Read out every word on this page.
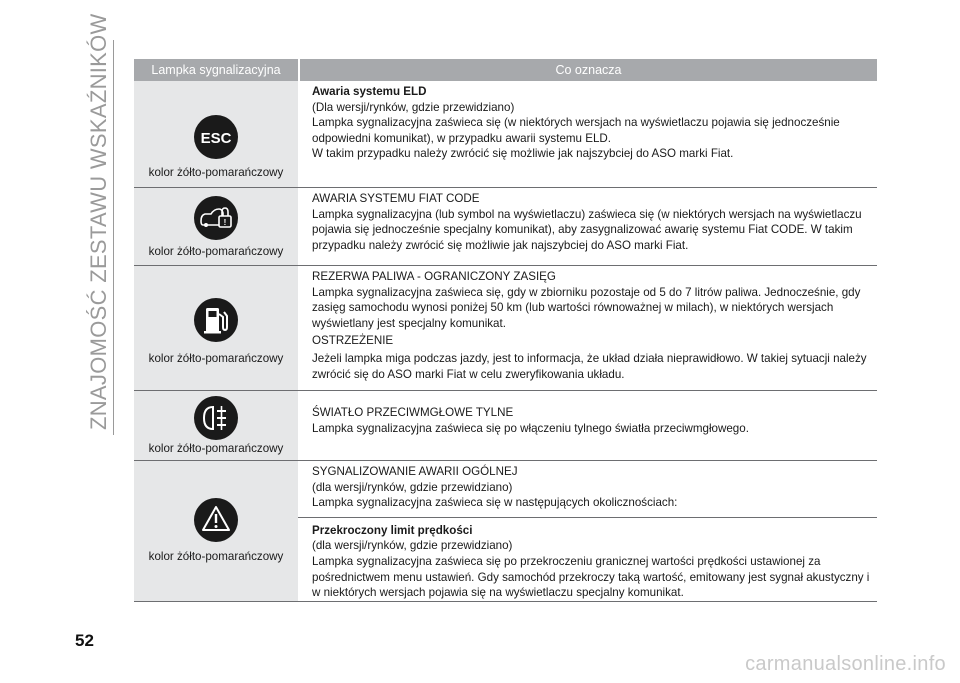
ZNAJOMOŚĆ ZESTAWU WSKAŹNIKÓW	Lampka sygnalizacyjna	Co oznacza
ESC
kolor żółto-pomarańczowy

Awaria systemu ELD

(Dla wersji/rynków, gdzie przewidziano)

Lampka sygnalizacyjna zaświeca się (w niektórych wersjach na wyświetlaczu pojawia się jednocześnie odpowiedni komunikat), w przypadku awarii systemu ELD.

W takim przypadku należy zwrócić się możliwie jak najszybciej do ASO marki Fiat.

!
kolor żółto-pomarańczowy

AWARIA SYSTEMU FIAT CODE

Lampka sygnalizacyjna (lub symbol na wyświetlaczu) zaświeca się (w niektórych wersjach na wyświetlaczu pojawia się jednocześnie specjalny komunikat), aby zasygnalizować awarię systemu Fiat CODE. W takim przypadku należy zwrócić się możliwie jak najszybciej do ASO marki Fiat.

kolor żółto-pomarańczowy

REZERWA PALIWA - OGRANICZONY ZASIĘG

Lampka sygnalizacyjna zaświeca się, gdy w zbiorniku pozostaje od 5 do 7 litrów paliwa. Jednocześnie, gdy zasięg samochodu wynosi poniżej 50 km (lub wartości równoważnej w milach), w niektórych wersjach wyświetlany jest specjalny komunikat.

OSTRZEŻENIE

Jeżeli lampka miga podczas jazdy, jest to informacja, że układ działa nieprawidłowo. W takiej sytuacji należy zwrócić się do ASO marki Fiat w celu zweryfikowania układu.

kolor żółto-pomarańczowy

ŚWIATŁO PRZECIWMGŁOWE TYLNE

Lampka sygnalizacyjna zaświeca się po włączeniu tylnego światła przeciwmgłowego.

kolor żółto-pomarańczowy

SYGNALIZOWANIE AWARII OGÓLNEJ

(dla wersji/rynków, gdzie przewidziano)

Lampka sygnalizacyjna zaświeca się w następujących okolicznościach:

Przekroczony limit prędkości

(dla wersji/rynków, gdzie przewidziano)

Lampka sygnalizacyjna zaświeca się po przekroczeniu granicznej wartości prędkości ustawionej za pośrednictwem menu ustawień. Gdy samochód przekroczy taką wartość, emitowany jest sygnał akustyczny i w niektórych wersjach pojawia się na wyświetlaczu specjalny komunikat.

52
carmanualsonline.info
